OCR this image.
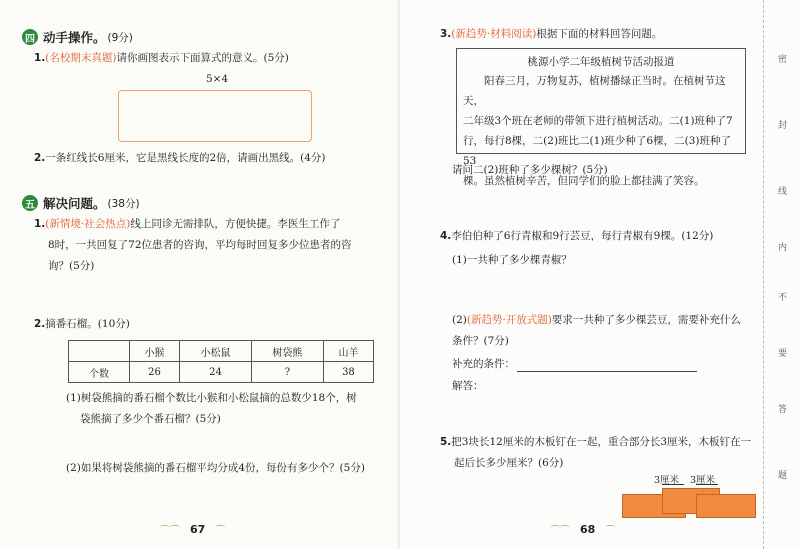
四 动手操作。 (9分)
1.(名校期末真题)请你画图表示下面算式的意义。(5分)
5×4
2.一条红线长6厘米，它是黑线长度的2倍，请画出黑线。(4分)
五 解决问题。 (38分)
1.(新情境·社会热点)线上同诊无需排队，方便快捷。李医生工作了
8时，一共回复了72位患者的咨询，平均每时回复多少位患者的咨
询？(5分)
2.摘番石榴。(10分)
	小猴	小松鼠	树袋熊	山羊
个数	26	24	?	38
(1)树袋熊摘的番石榴个数比小猴和小松鼠摘的总数少18个，树
袋熊摘了多少个番石榴？(5分)
(2)如果将树袋熊摘的番石榴平均分成4份，每份有多少个？(5分)
⌒⌒ 67 ⌒
3.(新趋势·材料阅读)根据下面的材料回答问题。
桃源小学二年级植树节活动报道
阳春三月，万物复苏，植树播绿正当时。在植树节这天，
二年级3个班在老师的带领下进行植树活动。二(1)班种了7
行，每行8棵，二(2)班比二(1)班少种了6棵，二(3)班种了53
棵。虽然植树辛苦，但同学们的脸上都挂满了笑容。
请问二(2)班种了多少棵树？(5分)
4.李伯伯种了6行青椒和9行芸豆，每行青椒有9棵。(12分)
(1)一共种了多少棵青椒？
(2)(新趋势·开放式题)要求一共种了多少棵芸豆，需要补充什么
条件？(7分)
补充的条件：
解答：
5.把3块长12厘米的木板钉在一起，重合部分长3厘米，木板钉在一
起后长多少厘米？(6分)
3厘米 3厘米
⌒⌒ 68 ⌒
密
封
线
内
不
要
答
题
